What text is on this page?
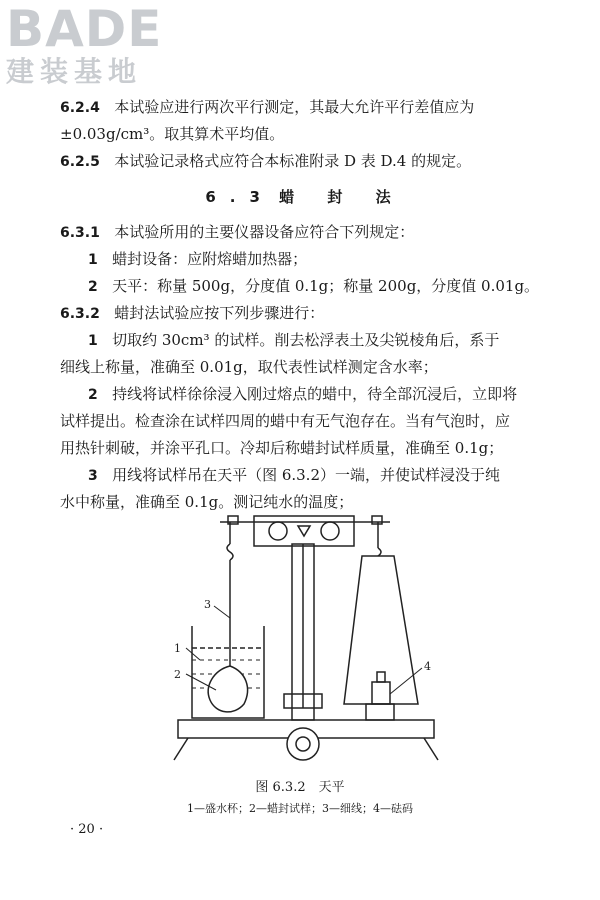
BADE
建装基地
6.2.4 本试验应进行两次平行测定，其最大允许平行差值应为
±0.03g/cm³。取其算术平均值。
6.2.5 本试验记录格式应符合本标准附录 D 表 D.4 的规定。
6.3 蜡 封 法
6.3.1 本试验所用的主要仪器设备应符合下列规定：
1 蜡封设备：应附熔蜡加热器；
2 天平：称量 500g，分度值 0.1g；称量 200g，分度值 0.01g。
6.3.2 蜡封法试验应按下列步骤进行：
1 切取约 30cm³ 的试样。削去松浮表土及尖锐棱角后，系于
细线上称量，准确至 0.01g，取代表性试样测定含水率；
2 持线将试样徐徐浸入刚过熔点的蜡中，待全部沉浸后，立即将
试样提出。检查涂在试样四周的蜡中有无气泡存在。当有气泡时，应
用热针刺破，并涂平孔口。冷却后称蜡封试样质量，准确至 0.1g；
3 用线将试样吊在天平（图 6.3.2）一端，并使试样浸没于纯
水中称量，准确至 0.1g。测记纯水的温度；
1
2
3
4
图 6.3.2　天平
1—盛水杯；2—蜡封试样；3—细线；4—砝码
· 20 ·
